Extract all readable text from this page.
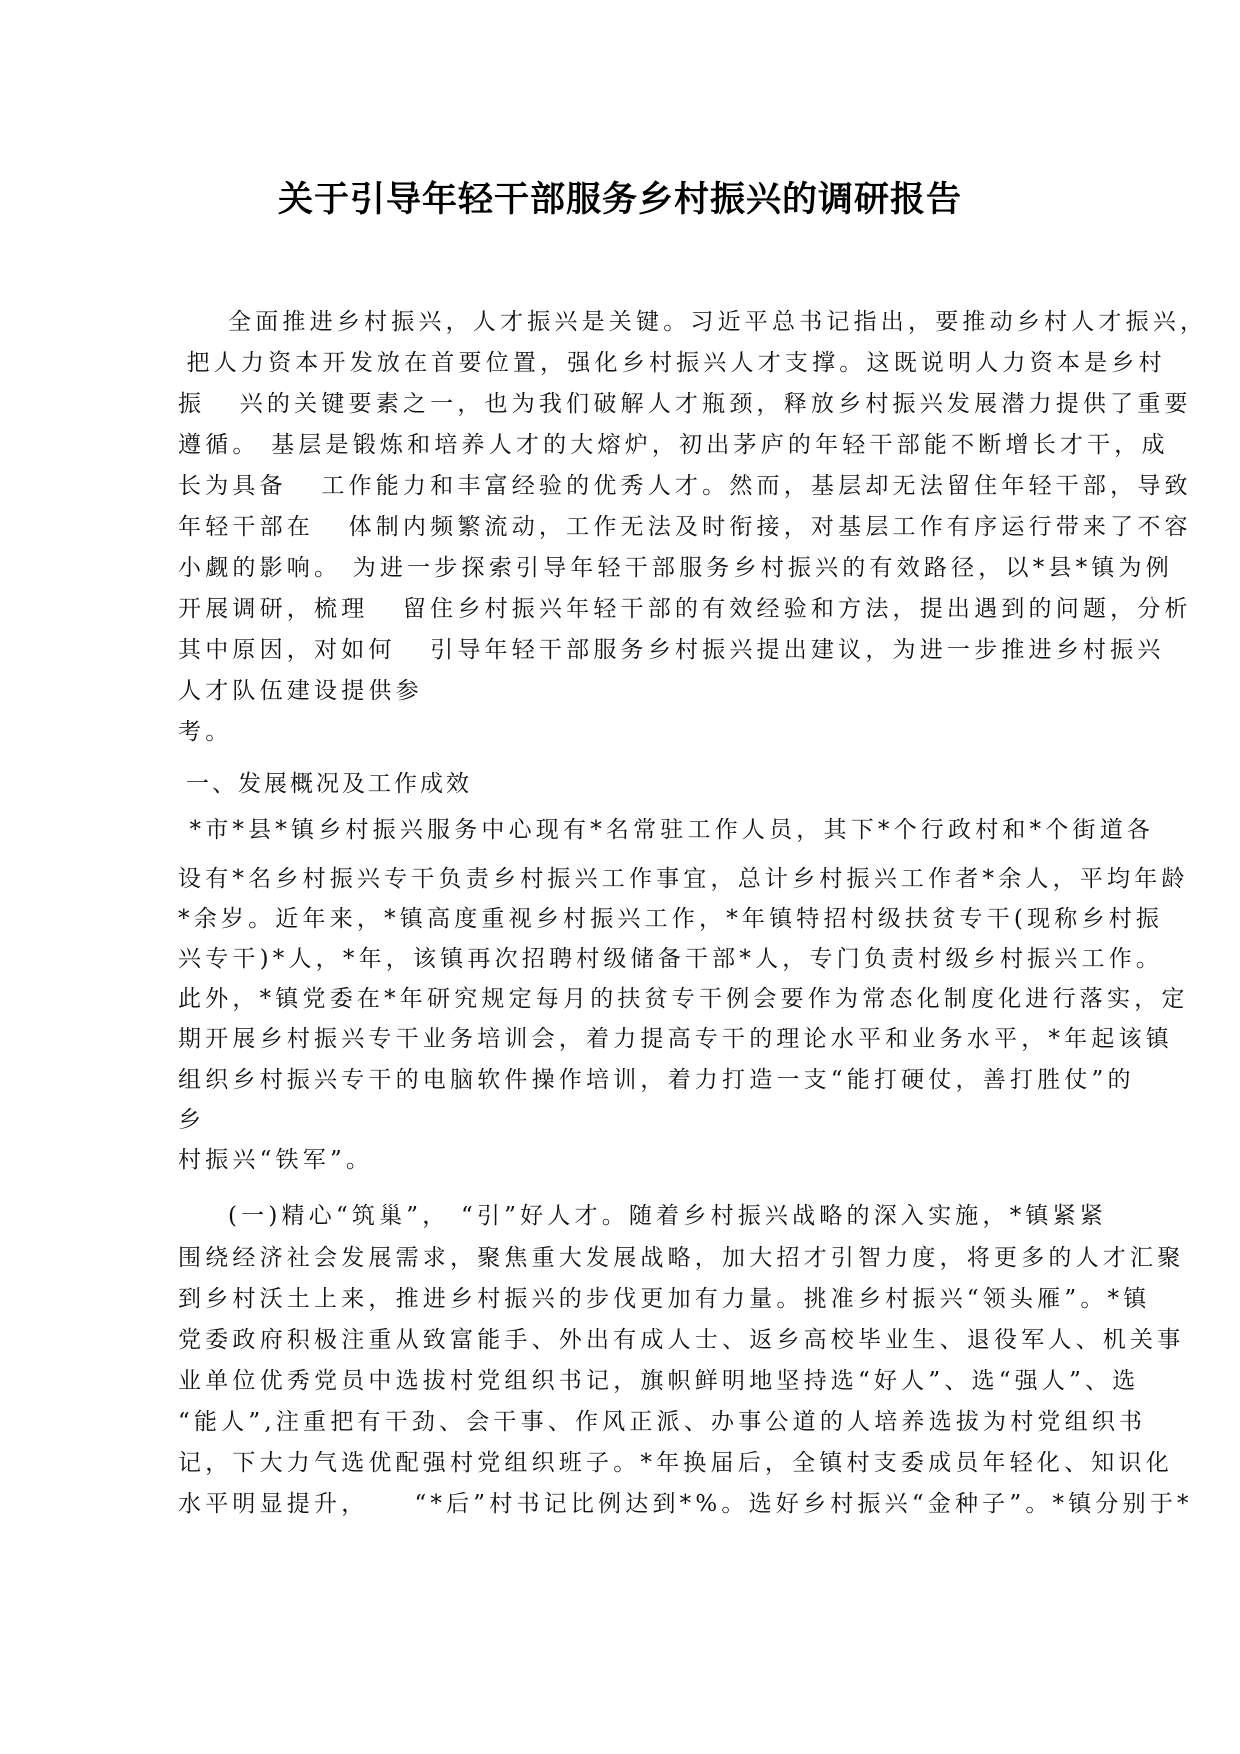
关于引导年轻干部服务乡村振兴的调研报告
全面推进乡村振兴，人才振兴是关键。习近平总书记指出，要推动乡村人才振兴，
把人力资本开发放在首要位置，强化乡村振兴人才支撑。这既说明人力资本是乡村
振   兴的关键要素之一，也为我们破解人才瓶颈，释放乡村振兴发展潜力提供了重要
遵循。 基层是锻炼和培养人才的大熔炉，初出茅庐的年轻干部能不断增长才干，成
长为具备   工作能力和丰富经验的优秀人才。然而，基层却无法留住年轻干部，导致
年轻干部在   体制内频繁流动，工作无法及时衔接，对基层工作有序运行带来了不容
小觑的影响。 为进一步探索引导年轻干部服务乡村振兴的有效路径，以*县*镇为例
开展调研，梳理   留住乡村振兴年轻干部的有效经验和方法，提出遇到的问题，分析
其中原因，对如何   引导年轻干部服务乡村振兴提出建议，为进一步推进乡村振兴
人才队伍建设提供参
考。
一、发展概况及工作成效
*市*县*镇乡村振兴服务中心现有*名常驻工作人员，其下*个行政村和*个街道各
设有*名乡村振兴专干负责乡村振兴工作事宜，总计乡村振兴工作者*余人，平均年龄
*余岁。近年来，*镇高度重视乡村振兴工作，*年镇特招村级扶贫专干(现称乡村振
兴专干)*人，*年，该镇再次招聘村级储备干部*人，专门负责村级乡村振兴工作。
此外，*镇党委在*年研究规定每月的扶贫专干例会要作为常态化制度化进行落实，定
期开展乡村振兴专干业务培训会，着力提高专干的理论水平和业务水平，*年起该镇
组织乡村振兴专干的电脑软件操作培训，着力打造一支“能打硬仗，善打胜仗”的
乡
村振兴“铁军”。
(一)精心“筑巢”， “引”好人才。随着乡村振兴战略的深入实施，*镇紧紧
围绕经济社会发展需求，聚焦重大发展战略，加大招才引智力度，将更多的人才汇聚
到乡村沃土上来，推进乡村振兴的步伐更加有力量。挑准乡村振兴“领头雁”。*镇
党委政府积极注重从致富能手、外出有成人士、返乡高校毕业生、退役军人、机关事
业单位优秀党员中选拔村党组织书记，旗帜鲜明地坚持选“好人”、选“强人”、选
“能人”,注重把有干劲、会干事、作风正派、办事公道的人培养选拔为村党组织书
记，下大力气选优配强村党组织班子。*年换届后，全镇村支委成员年轻化、知识化
水平明显提升，    “*后”村书记比例达到*%。选好乡村振兴“金种子”。*镇分别于*
